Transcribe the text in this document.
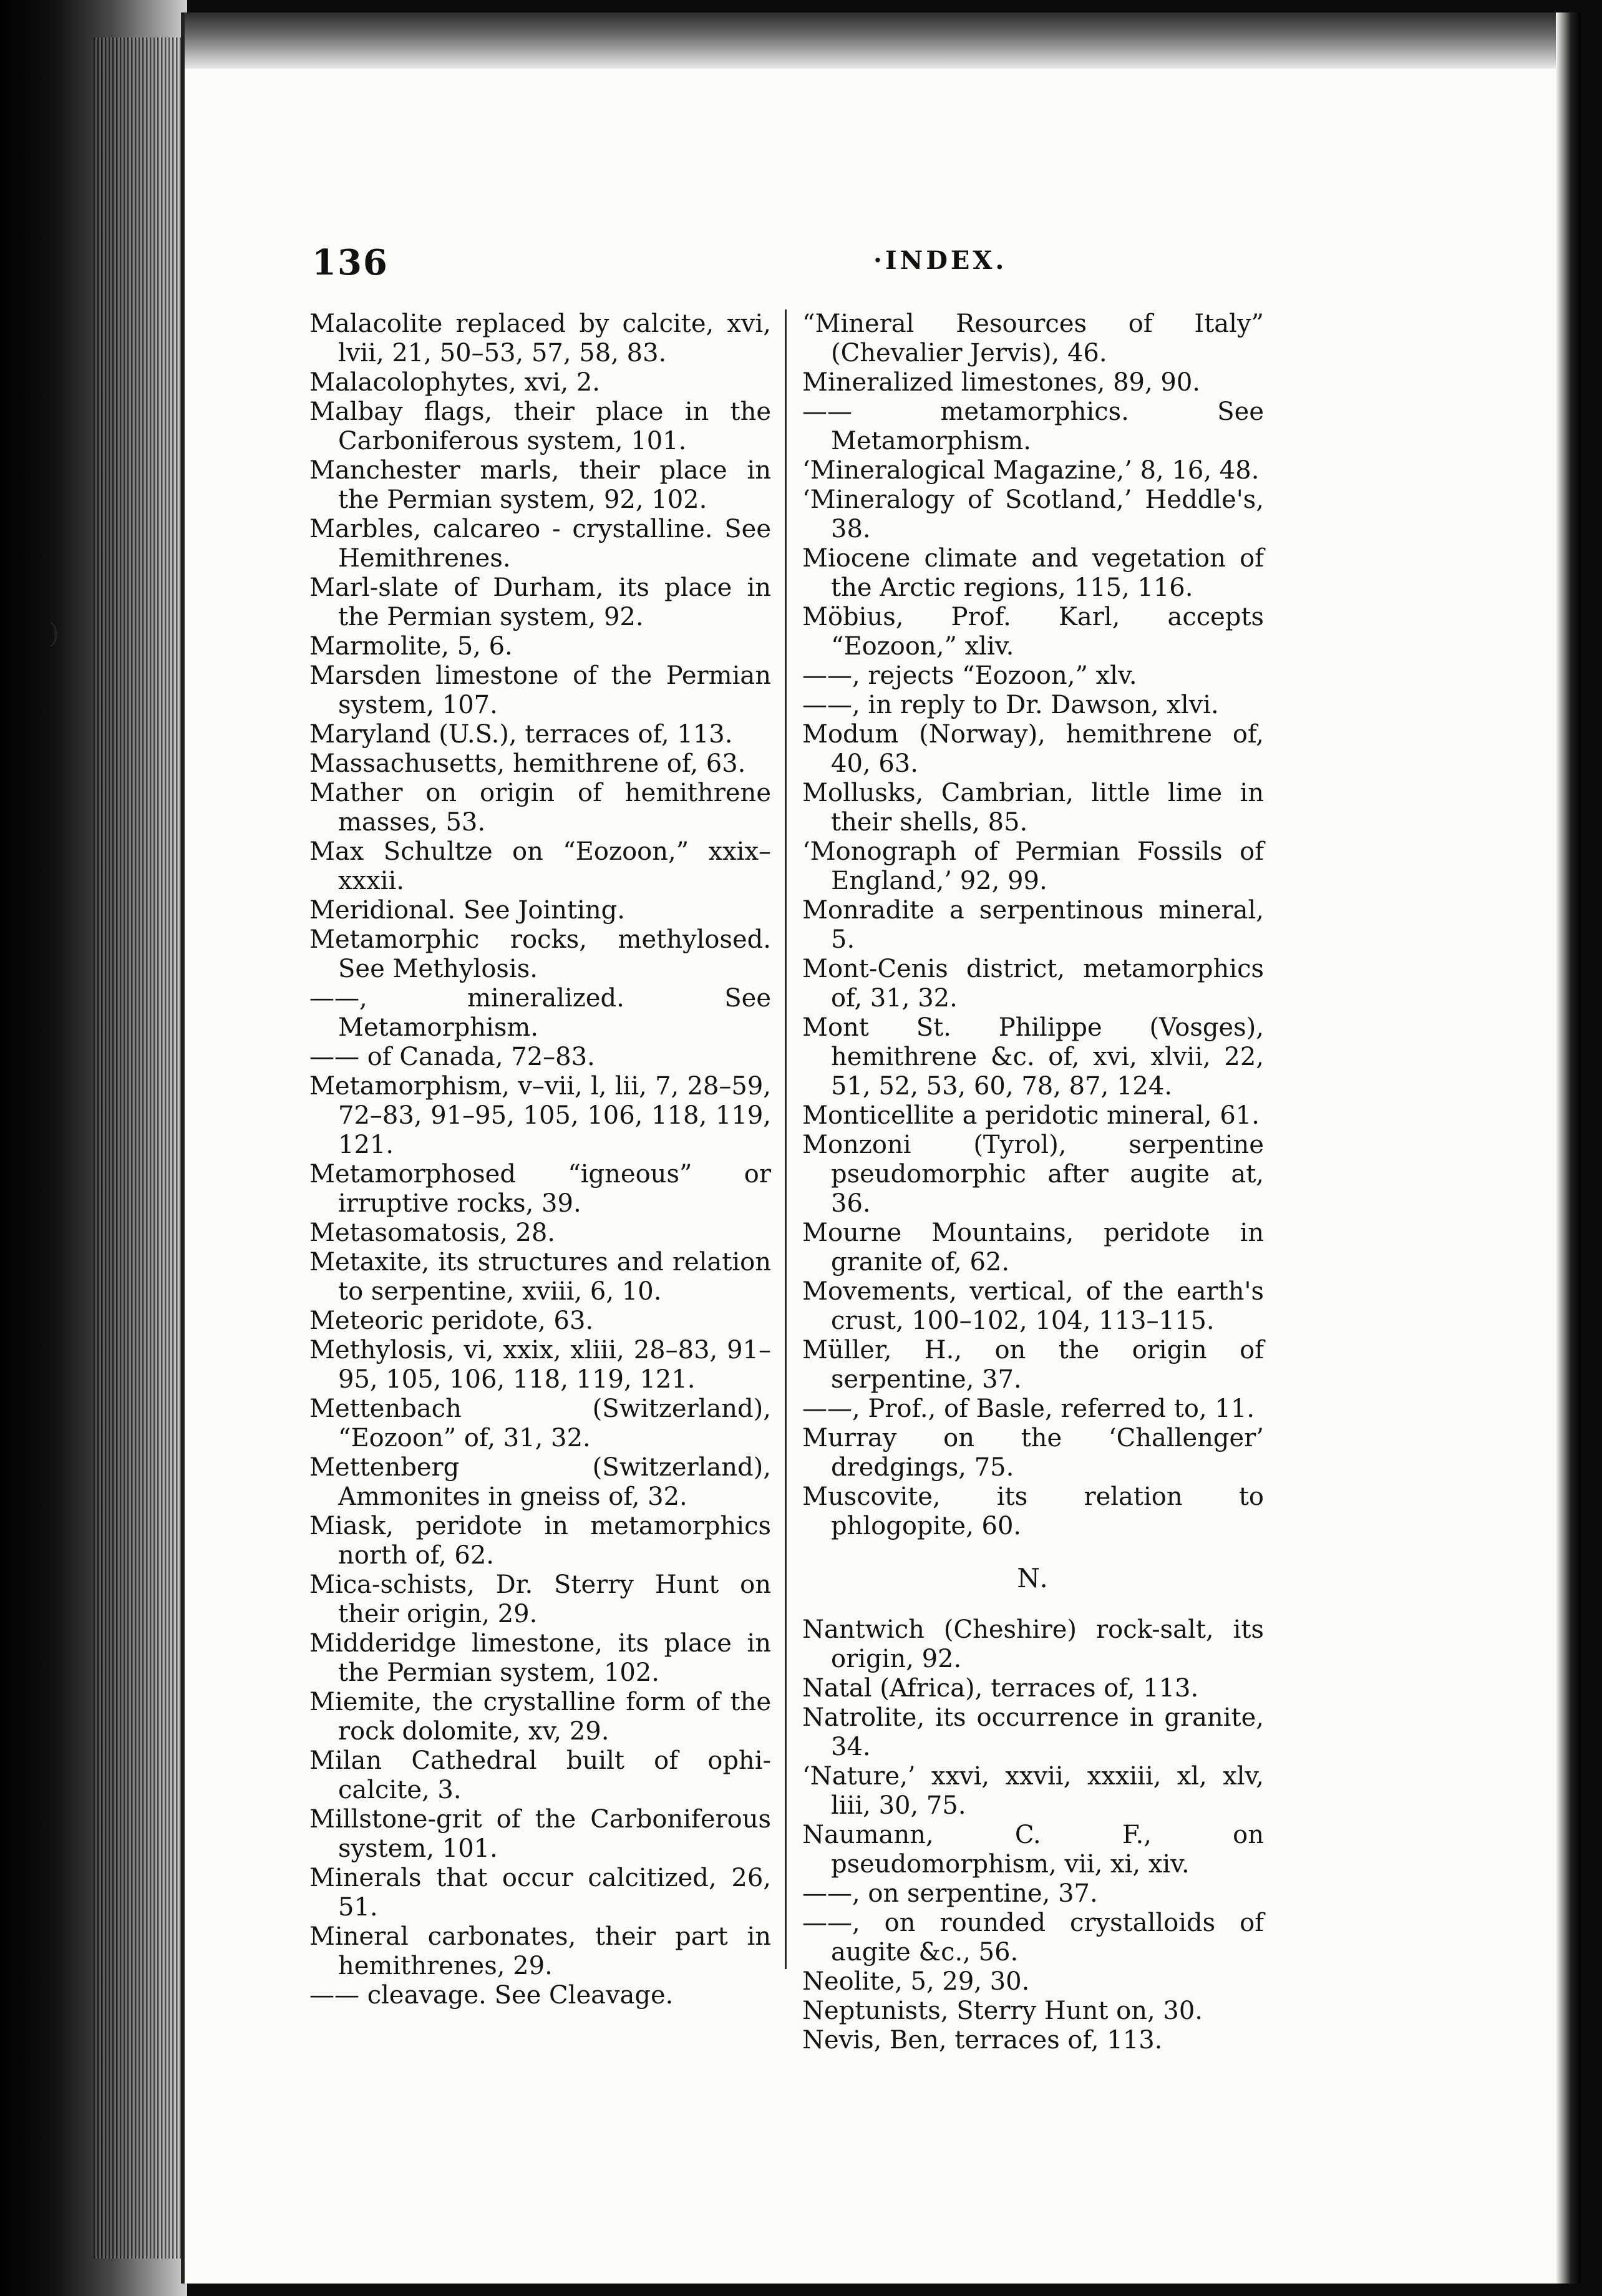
)
136	·INDEX.

Malacolite replaced by calcite, xvi, lvii, 21, 50–53, 57, 58, 83.

Malacolophytes, xvi, 2.

Malbay flags, their place in the Carboniferous system, 101.

Manchester marls, their place in the Permian system, 92, 102.

Marbles, calcareo - crystalline. See Hemithrenes.

Marl-slate of Durham, its place in the Permian system, 92.

Marmolite, 5, 6.

Marsden limestone of the Permian system, 107.

Maryland (U.S.), terraces of, 113.

Massachusetts, hemithrene of, 63.

Mather on origin of hemithrene masses, 53.

Max Schultze on “Eozoon,” xxix–xxxii.

Meridional. See Jointing.

Metamorphic rocks, methylosed. See Methylosis.

——, mineralized. See Metamorphism.

—— of Canada, 72–83.

Metamorphism, v–vii, l, lii, 7, 28–59, 72–83, 91–95, 105, 106, 118, 119, 121.

Metamorphosed “igneous” or irruptive rocks, 39.

Metasomatosis, 28.

Metaxite, its structures and relation to serpentine, xviii, 6, 10.

Meteoric peridote, 63.

Methylosis, vi, xxix, xliii, 28–83, 91–95, 105, 106, 118, 119, 121.

Mettenbach (Switzerland), “Eozoon” of, 31, 32.

Mettenberg (Switzerland), Ammonites in gneiss of, 32.

Miask, peridote in metamorphics north of, 62.

Mica-schists, Dr. Sterry Hunt on their origin, 29.

Midderidge limestone, its place in the Permian system, 102.

Miemite, the crystalline form of the rock dolomite, xv, 29.

Milan Cathedral built of ophi-calcite, 3.

Millstone-grit of the Carboniferous system, 101.

Minerals that occur calcitized, 26, 51.

Mineral carbonates, their part in hemithrenes, 29.

—— cleavage. See Cleavage.

“Mineral Resources of Italy” (Chevalier Jervis), 46.

Mineralized limestones, 89, 90.

—— metamorphics. See Metamorphism.

‘Mineralogical Magazine,’ 8, 16, 48.

‘Mineralogy of Scotland,’ Heddle's, 38.

Miocene climate and vegetation of the Arctic regions, 115, 116.

Möbius, Prof. Karl, accepts “Eozoon,” xliv.

——, rejects “Eozoon,” xlv.

——, in reply to Dr. Dawson, xlvi.

Modum (Norway), hemithrene of, 40, 63.

Mollusks, Cambrian, little lime in their shells, 85.

‘Monograph of Permian Fossils of England,’ 92, 99.

Monradite a serpentinous mineral, 5.

Mont-Cenis district, metamorphics of, 31, 32.

Mont St. Philippe (Vosges), hemithrene &c. of, xvi, xlvii, 22, 51, 52, 53, 60, 78, 87, 124.

Monticellite a peridotic mineral, 61.

Monzoni (Tyrol), serpentine pseudomorphic after augite at, 36.

Mourne Mountains, peridote in granite of, 62.

Movements, vertical, of the earth's crust, 100–102, 104, 113–115.

Müller, H., on the origin of serpentine, 37.

——, Prof., of Basle, referred to, 11.

Murray on the ‘Challenger’ dredgings, 75.

Muscovite, its relation to phlogopite, 60.

N.

Nantwich (Cheshire) rock-salt, its origin, 92.

Natal (Africa), terraces of, 113.

Natrolite, its occurrence in granite, 34.

‘Nature,’ xxvi, xxvii, xxxiii, xl, xlv, liii, 30, 75.

Naumann, C. F., on pseudomorphism, vii, xi, xiv.

——, on serpentine, 37.

——, on rounded crystalloids of augite &c., 56.

Neolite, 5, 29, 30.

Neptunists, Sterry Hunt on, 30.

Nevis, Ben, terraces of, 113.
